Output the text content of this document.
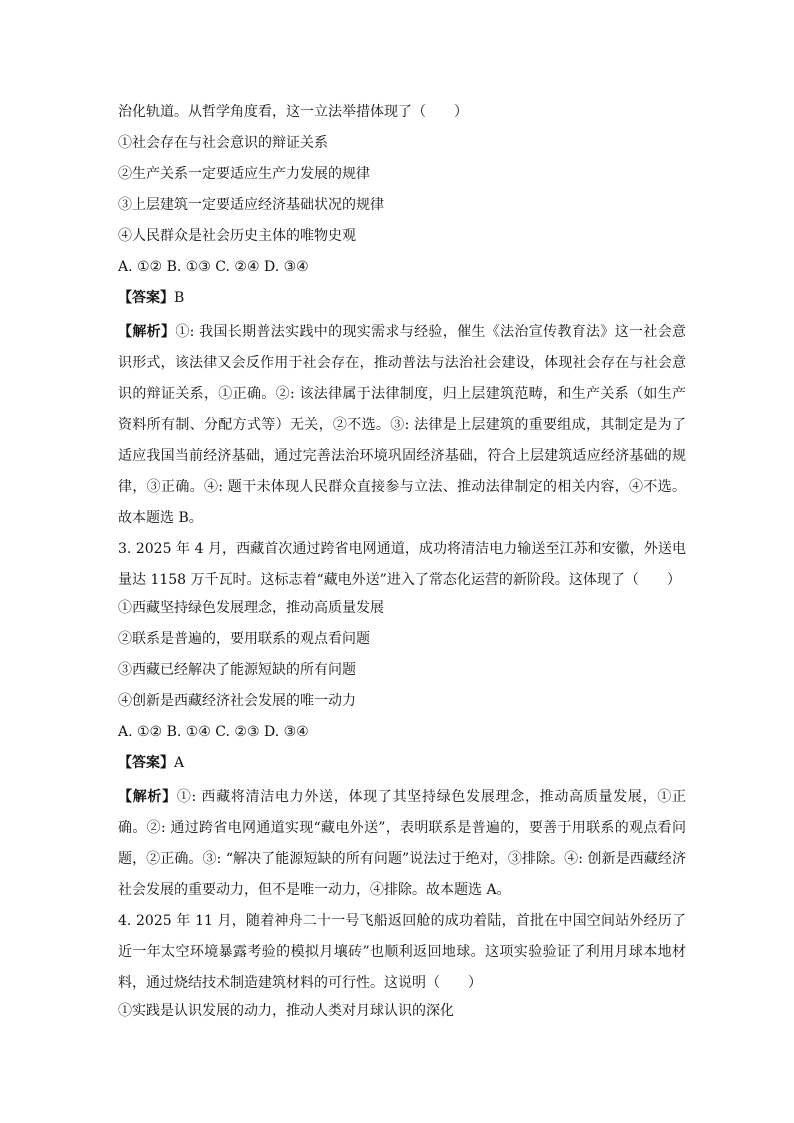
治化轨道。从哲学角度看，这一立法举措体现了（　　）
①社会存在与社会意识的辩证关系
②生产关系一定要适应生产力发展的规律
③上层建筑一定要适应经济基础状况的规律
④人民群众是社会历史主体的唯物史观
A. ①② B. ①③ C. ②④ D. ③④
【答案】B
【解析】①: 我国长期普法实践中的现实需求与经验，催生《法治宣传教育法》这一社会意识形式，该法律又会反作用于社会存在，推动普法与法治社会建设，体现社会存在与社会意识的辩证关系，①正确。②: 该法律属于法律制度，归上层建筑范畴，和生产关系（如生产资料所有制、分配方式等）无关，②不选。③: 法律是上层建筑的重要组成，其制定是为了适应我国当前经济基础，通过完善法治环境巩固经济基础，符合上层建筑适应经济基础的规律，③正确。④: 题干未体现人民群众直接参与立法、推动法律制定的相关内容，④不选。故本题选 B。
3. 2025 年 4 月，西藏首次通过跨省电网通道，成功将清洁电力输送至江苏和安徽，外送电量达 1158 万千瓦时。这标志着“藏电外送”进入了常态化运营的新阶段。这体现了（　　）
①西藏坚持绿色发展理念，推动高质量发展
②联系是普遍的，要用联系的观点看问题
③西藏已经解决了能源短缺的所有问题
④创新是西藏经济社会发展的唯一动力
A. ①② B. ①④ C. ②③ D. ③④
【答案】A
【解析】①: 西藏将清洁电力外送，体现了其坚持绿色发展理念，推动高质量发展，①正确。②: 通过跨省电网通道实现“藏电外送”，表明联系是普遍的，要善于用联系的观点看问题，②正确。③: “解决了能源短缺的所有问题”说法过于绝对，③排除。④: 创新是西藏经济社会发展的重要动力，但不是唯一动力，④排除。故本题选 A。
4. 2025 年 11 月，随着神舟二十一号飞船返回舱的成功着陆，首批在中国空间站外经历了近一年太空环境暴露考验的模拟月壤砖”也顺利返回地球。这项实验验证了利用月球本地材料，通过烧结技术制造建筑材料的可行性。这说明（　　）
①实践是认识发展的动力，推动人类对月球认识的深化
